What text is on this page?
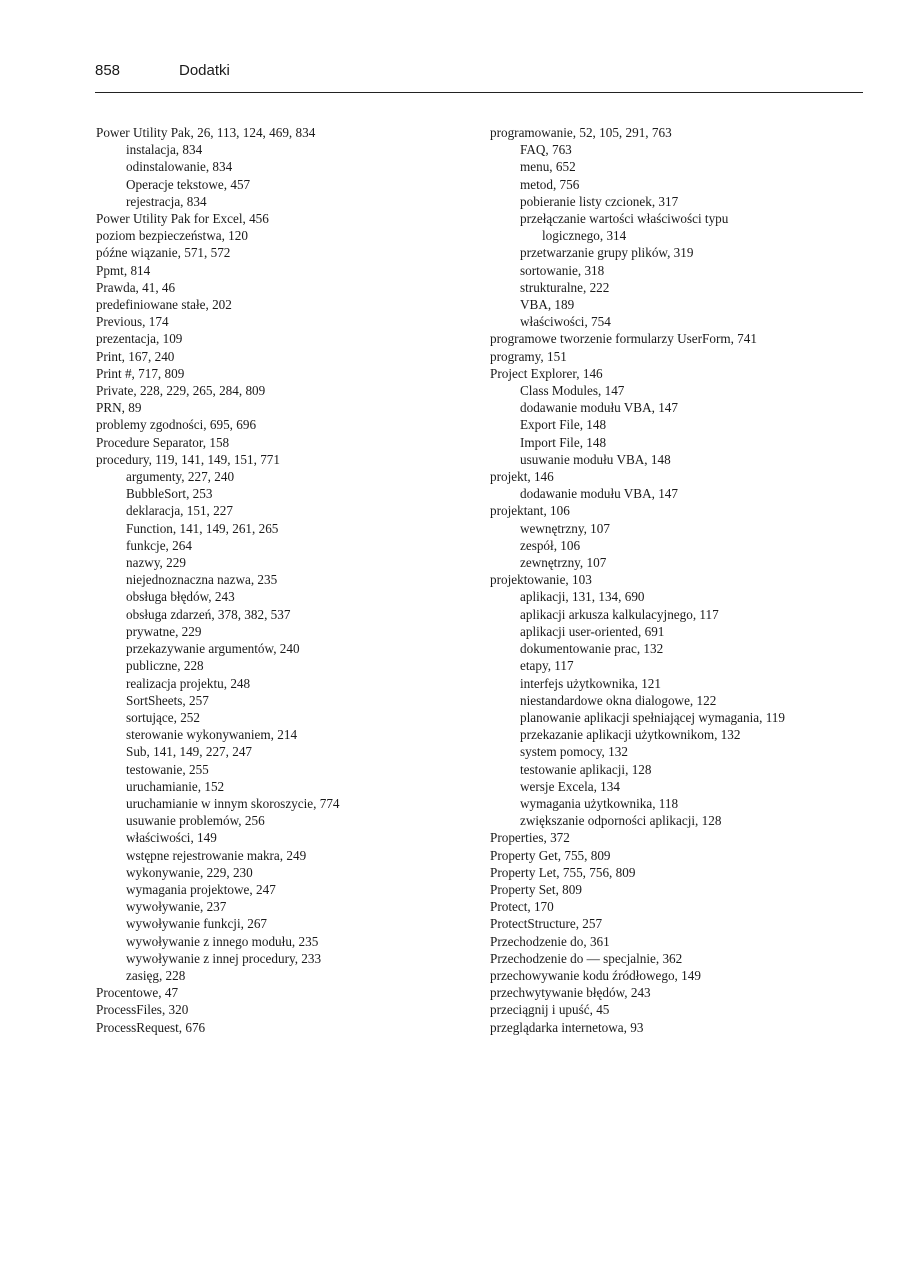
858	Dodatki
Power Utility Pak, 26, 113, 124, 469, 834
instalacja, 834
odinstalowanie, 834
Operacje tekstowe, 457
rejestracja, 834
Power Utility Pak for Excel, 456
poziom bezpieczeństwa, 120
późne wiązanie, 571, 572
Ppmt, 814
Prawda, 41, 46
predefiniowane stałe, 202
Previous, 174
prezentacja, 109
Print, 167, 240
Print #, 717, 809
Private, 228, 229, 265, 284, 809
PRN, 89
problemy zgodności, 695, 696
Procedure Separator, 158
procedury, 119, 141, 149, 151, 771
argumenty, 227, 240
BubbleSort, 253
deklaracja, 151, 227
Function, 141, 149, 261, 265
funkcje, 264
nazwy, 229
niejednoznaczna nazwa, 235
obsługa błędów, 243
obsługa zdarzeń, 378, 382, 537
prywatne, 229
przekazywanie argumentów, 240
publiczne, 228
realizacja projektu, 248
SortSheets, 257
sortujące, 252
sterowanie wykonywaniem, 214
Sub, 141, 149, 227, 247
testowanie, 255
uruchamianie, 152
uruchamianie w innym skoroszycie, 774
usuwanie problemów, 256
właściwości, 149
wstępne rejestrowanie makra, 249
wykonywanie, 229, 230
wymagania projektowe, 247
wywoływanie, 237
wywoływanie funkcji, 267
wywoływanie z innego modułu, 235
wywoływanie z innej procedury, 233
zasięg, 228
Procentowe, 47
ProcessFiles, 320
ProcessRequest, 676
programowanie, 52, 105, 291, 763
FAQ, 763
menu, 652
metod, 756
pobieranie listy czcionek, 317
przełączanie wartości właściwości typu
logicznego, 314
przetwarzanie grupy plików, 319
sortowanie, 318
strukturalne, 222
VBA, 189
właściwości, 754
programowe tworzenie formularzy UserForm, 741
programy, 151
Project Explorer, 146
Class Modules, 147
dodawanie modułu VBA, 147
Export File, 148
Import File, 148
usuwanie modułu VBA, 148
projekt, 146
dodawanie modułu VBA, 147
projektant, 106
wewnętrzny, 107
zespół, 106
zewnętrzny, 107
projektowanie, 103
aplikacji, 131, 134, 690
aplikacji arkusza kalkulacyjnego, 117
aplikacji user-oriented, 691
dokumentowanie prac, 132
etapy, 117
interfejs użytkownika, 121
niestandardowe okna dialogowe, 122
planowanie aplikacji spełniającej wymagania, 119
przekazanie aplikacji użytkownikom, 132
system pomocy, 132
testowanie aplikacji, 128
wersje Excela, 134
wymagania użytkownika, 118
zwiększanie odporności aplikacji, 128
Properties, 372
Property Get, 755, 809
Property Let, 755, 756, 809
Property Set, 809
Protect, 170
ProtectStructure, 257
Przechodzenie do, 361
Przechodzenie do — specjalnie, 362
przechowywanie kodu źródłowego, 149
przechwytywanie błędów, 243
przeciągnij i upuść, 45
przeglądarka internetowa, 93
